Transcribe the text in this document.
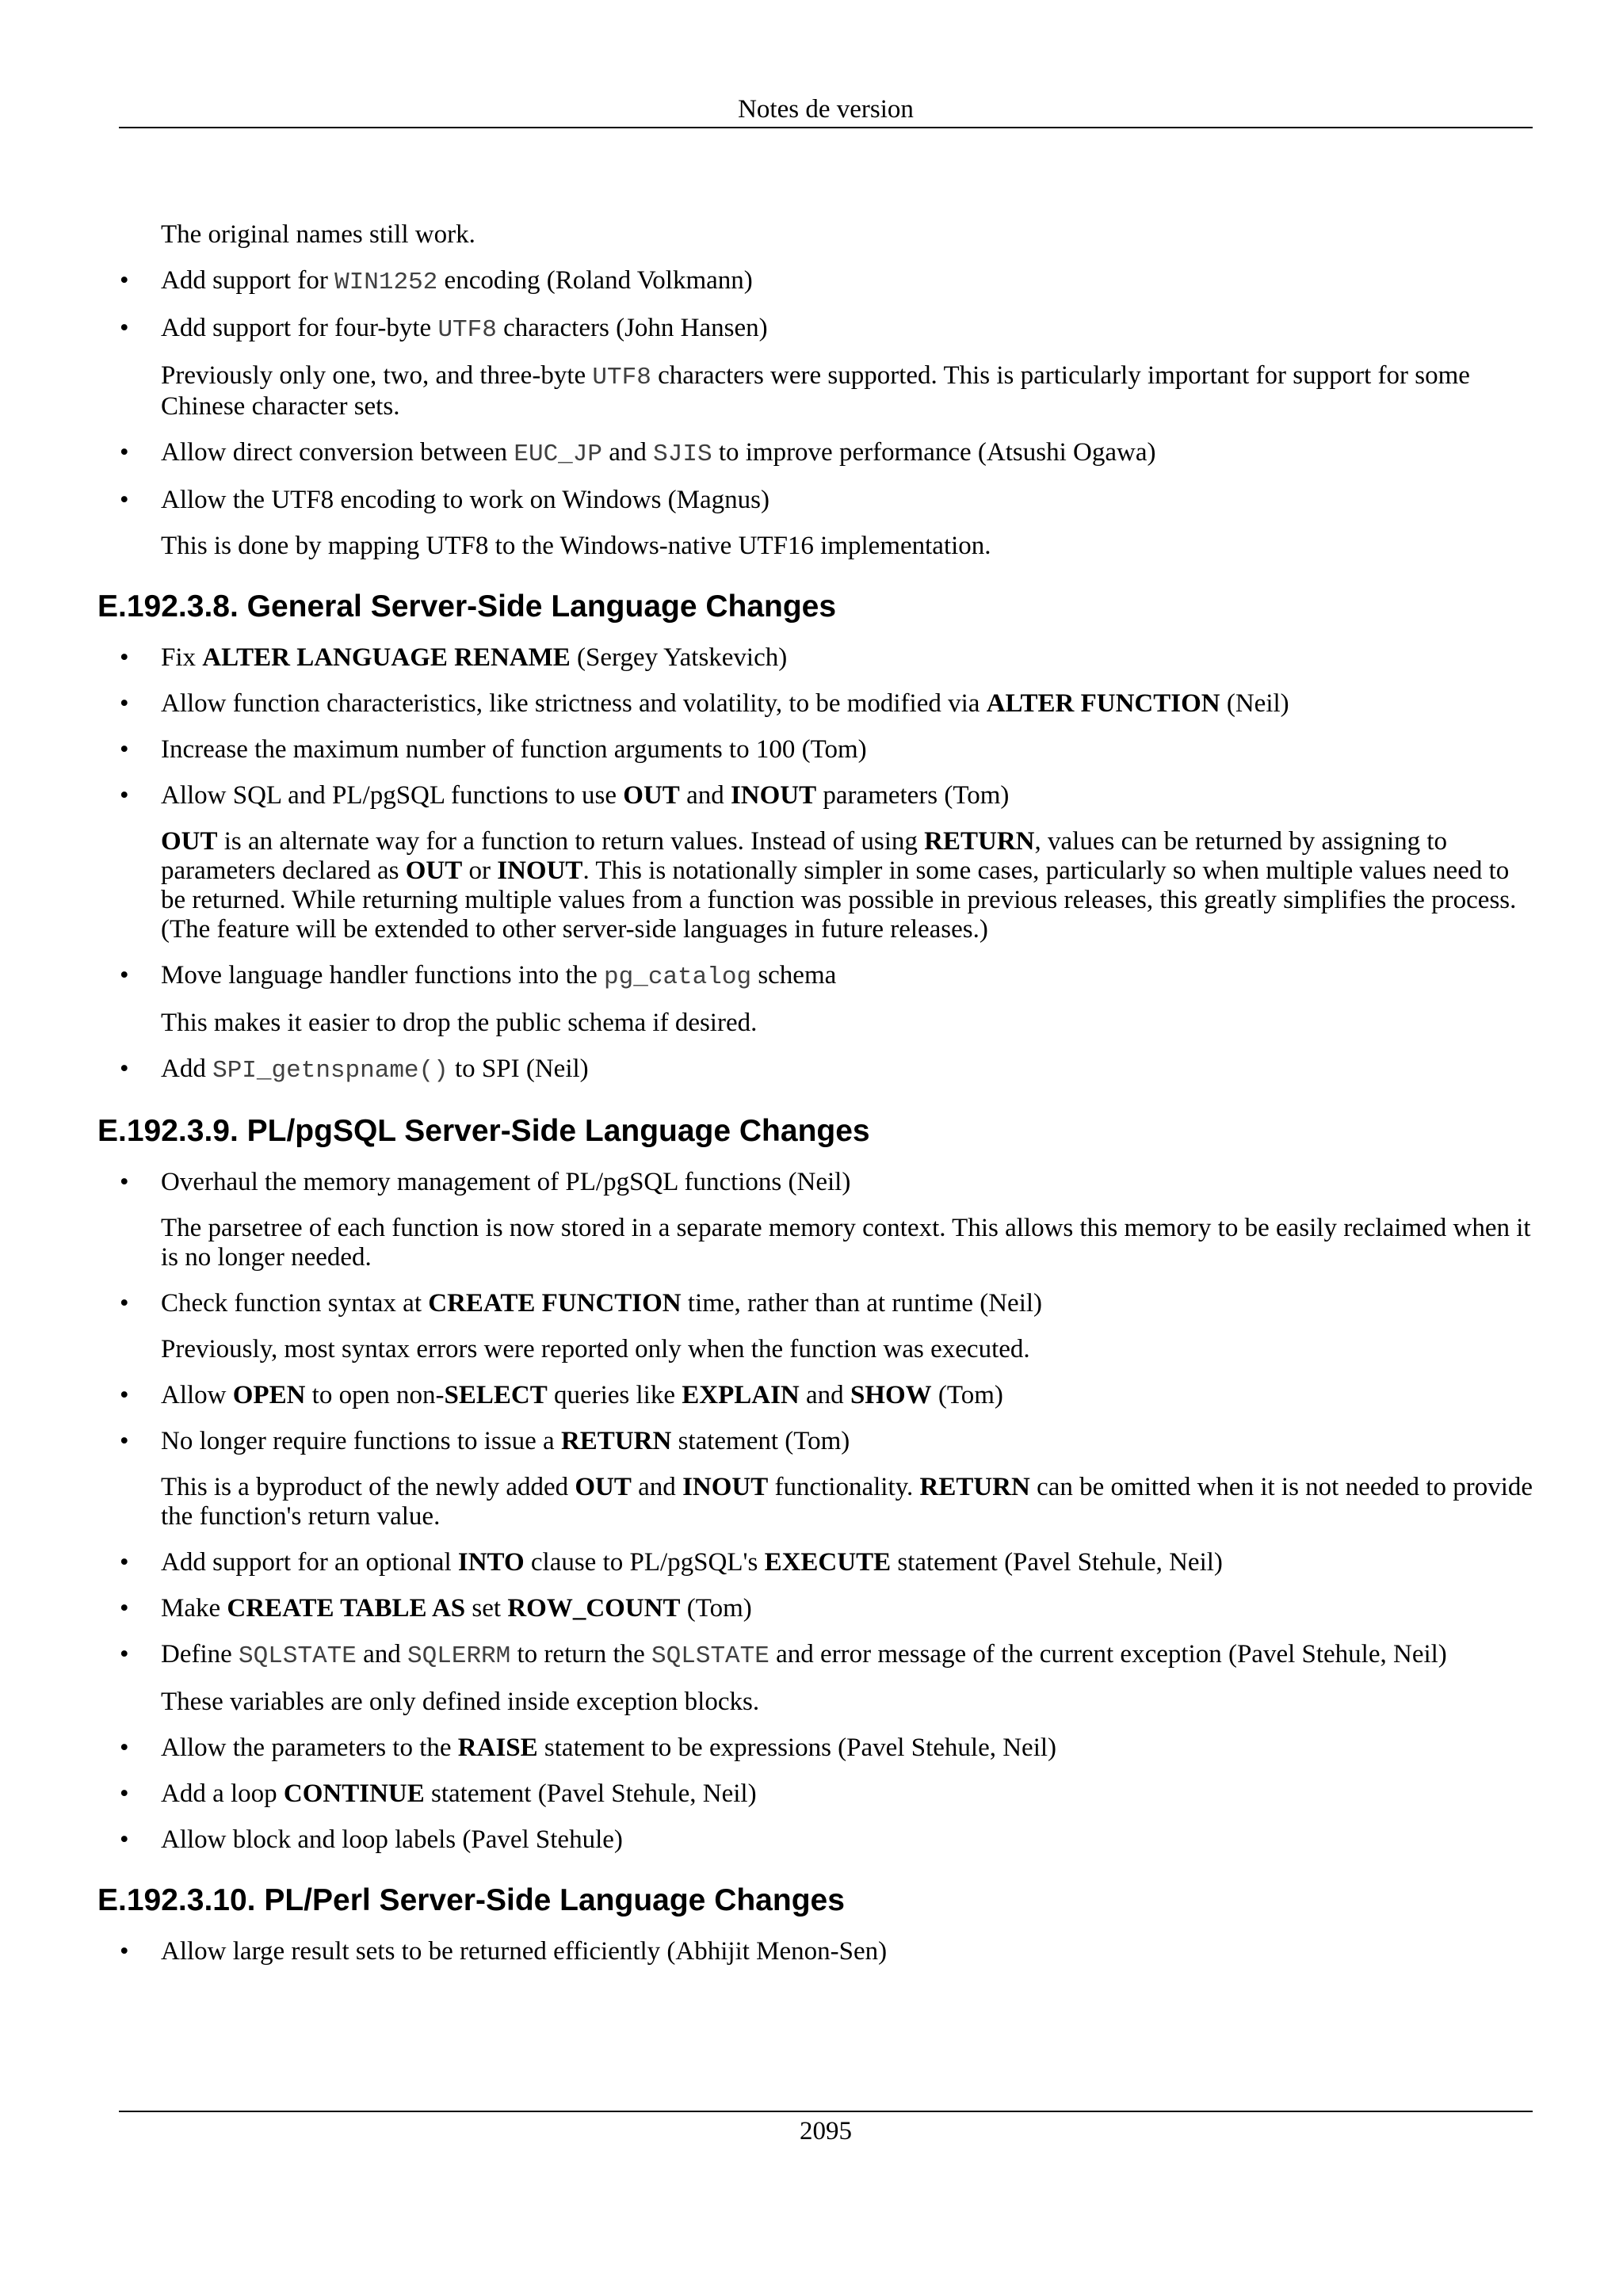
Notes de version

The original names still work.

• Add support for WIN1252 encoding (Roland Volkmann)

• Add support for four-byte UTF8 characters (John Hansen)

Previously only one, two, and three-byte UTF8 characters were supported. This is particularly important for support for some Chinese character sets.

• Allow direct conversion between EUC_JP and SJIS to improve performance (Atsushi Ogawa)

• Allow the UTF8 encoding to work on Windows (Magnus)

This is done by mapping UTF8 to the Windows-native UTF16 implementation.

E.192.3.8. General Server-Side Language Changes
• Fix ALTER LANGUAGE RENAME (Sergey Yatskevich)

• Allow function characteristics, like strictness and volatility, to be modified via ALTER FUNCTION (Neil)

• Increase the maximum number of function arguments to 100 (Tom)

• Allow SQL and PL/pgSQL functions to use OUT and INOUT parameters (Tom)

OUT is an alternate way for a function to return values. Instead of using RETURN, values can be returned by assigning to parameters declared as OUT or INOUT. This is notationally simpler in some cases, particularly so when multiple values need to be returned. While returning multiple values from a function was possible in previous releases, this greatly simplifies the process. (The feature will be extended to other server-side languages in future releases.)

• Move language handler functions into the pg_catalog schema

This makes it easier to drop the public schema if desired.

• Add SPI_getnspname() to SPI (Neil)

E.192.3.9. PL/pgSQL Server-Side Language Changes
• Overhaul the memory management of PL/pgSQL functions (Neil)

The parsetree of each function is now stored in a separate memory context. This allows this memory to be easily reclaimed when it is no longer needed.

• Check function syntax at CREATE FUNCTION time, rather than at runtime (Neil)

Previously, most syntax errors were reported only when the function was executed.

• Allow OPEN to open non-SELECT queries like EXPLAIN and SHOW (Tom)

• No longer require functions to issue a RETURN statement (Tom)

This is a byproduct of the newly added OUT and INOUT functionality. RETURN can be omitted when it is not needed to provide the function's return value.

• Add support for an optional INTO clause to PL/pgSQL's EXECUTE statement (Pavel Stehule, Neil)

• Make CREATE TABLE AS set ROW_COUNT (Tom)

• Define SQLSTATE and SQLERRM to return the SQLSTATE and error message of the current exception (Pavel Stehule, Neil)

These variables are only defined inside exception blocks.

• Allow the parameters to the RAISE statement to be expressions (Pavel Stehule, Neil)

• Add a loop CONTINUE statement (Pavel Stehule, Neil)

• Allow block and loop labels (Pavel Stehule)

E.192.3.10. PL/Perl Server-Side Language Changes
• Allow large result sets to be returned efficiently (Abhijit Menon-Sen)

2095
